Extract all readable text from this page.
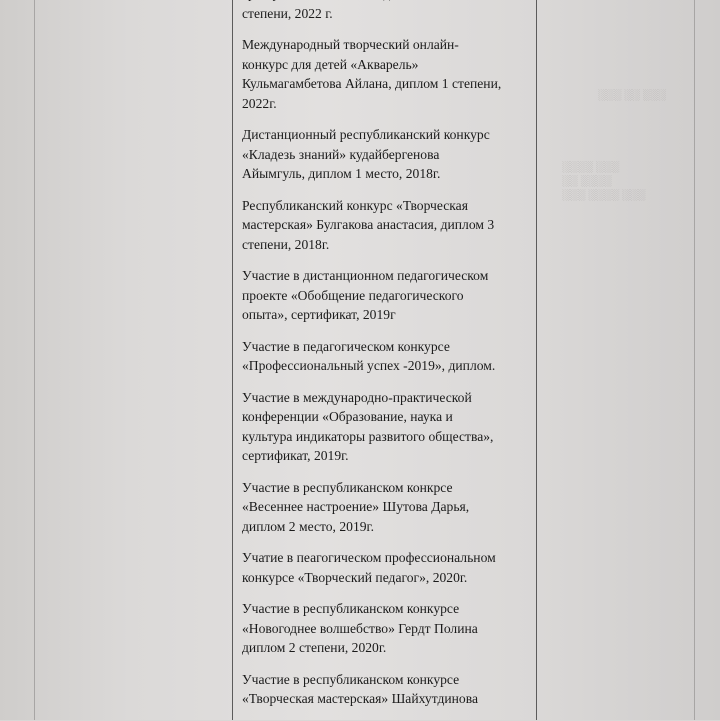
░░░ ░░ ░░░
░░░░ ░░░
░░ ░░░░
░░░ ░░░░ ░░░

степени, 2022 г.

Международный творческий онлайн-
конкурс для детей «Акварель»
Кульмагамбетова Айлана, диплом 1 степени,
2022г.

Дистанционный республиканский конкурс
«Кладезь знаний» кудайбергенова
Айымгуль, диплом 1 место, 2018г.

Республиканский конкурс «Творческая
мастерская» Булгакова анастасия, диплом 3
степени, 2018г.

Участие в дистанционном педагогическом
проекте «Обобщение педагогического
опыта», сертификат, 2019г

Участие в педагогическом конкурсе
«Профессиональный успех -2019», диплом.

Участие в международно-практической
конференции «Образование, наука и
культура индикаторы развитого общества»,
сертификат, 2019г.

Участие в республиканском конкрсе
«Весеннее настроение» Шутова Дарья,
диплом 2 место, 2019г.

Учатие в пеагогическом профессиональном
конкурсе «Творческий педагог», 2020г.

Участие в республиканском конкурсе
«Новогоднее волшебство» Гердт Полина
диплом 2 степени, 2020г.

Участие в республиканском конкурсе
«Творческая мастерская» Шайхутдинова
